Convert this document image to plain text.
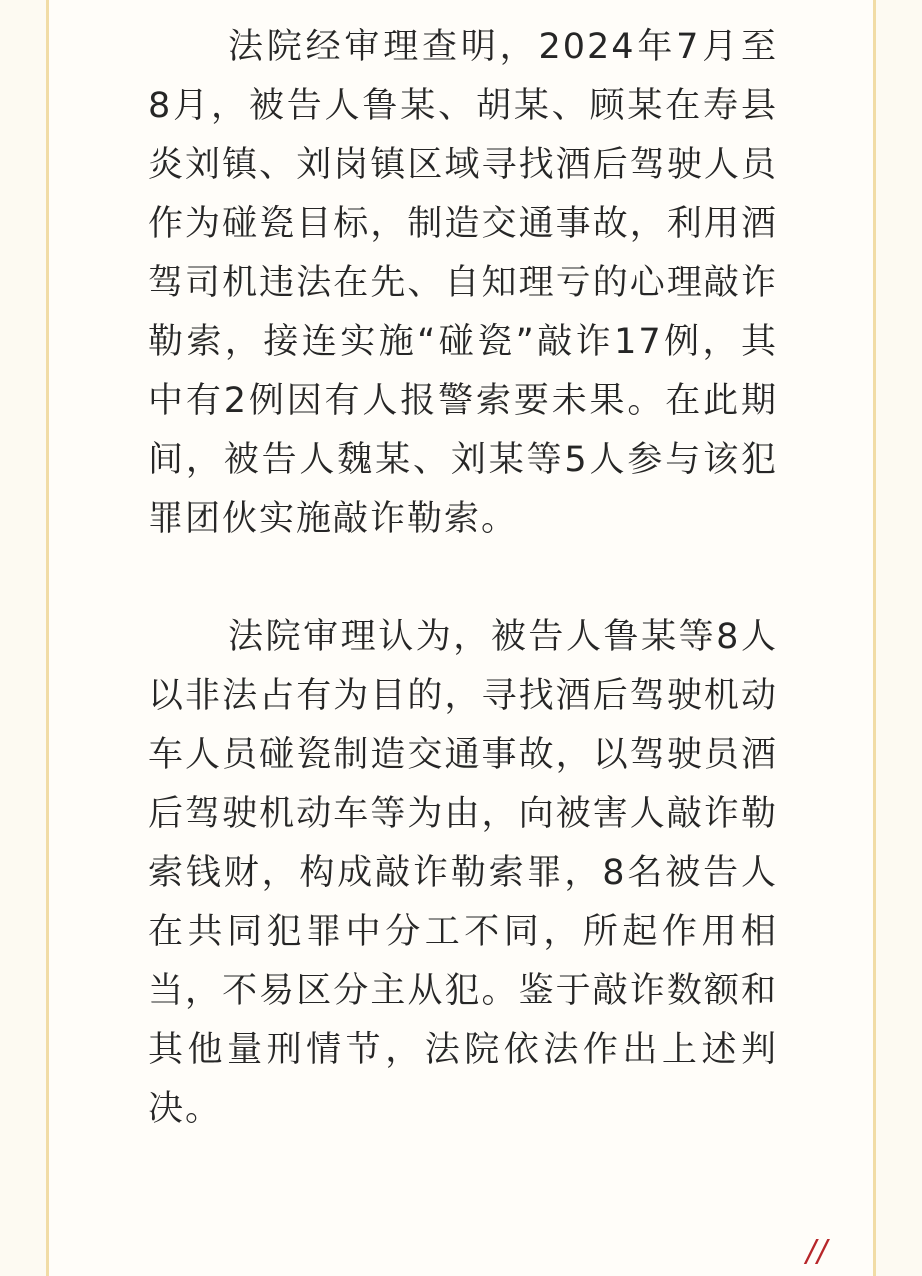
法院经审理查明，2024年7月至8月，被告人鲁某、胡某、顾某在寿县炎刘镇、刘岗镇区域寻找酒后驾驶人员作为碰瓷目标，制造交通事故，利用酒驾司机违法在先、自知理亏的心理敲诈勒索，接连实施“碰瓷”敲诈17例，其中有2例因有人报警索要未果。在此期间，被告人魏某、刘某等5人参与该犯罪团伙实施敲诈勒索。

法院审理认为，被告人鲁某等8人以非法占有为目的，寻找酒后驾驶机动车人员碰瓷制造交通事故，以驾驶员酒后驾驶机动车等为由，向被害人敲诈勒索钱财，构成敲诈勒索罪，8名被告人在共同犯罪中分工不同，所起作用相当，不易区分主从犯。鉴于敲诈数额和其他量刑情节，法院依法作出上述判决。

//
